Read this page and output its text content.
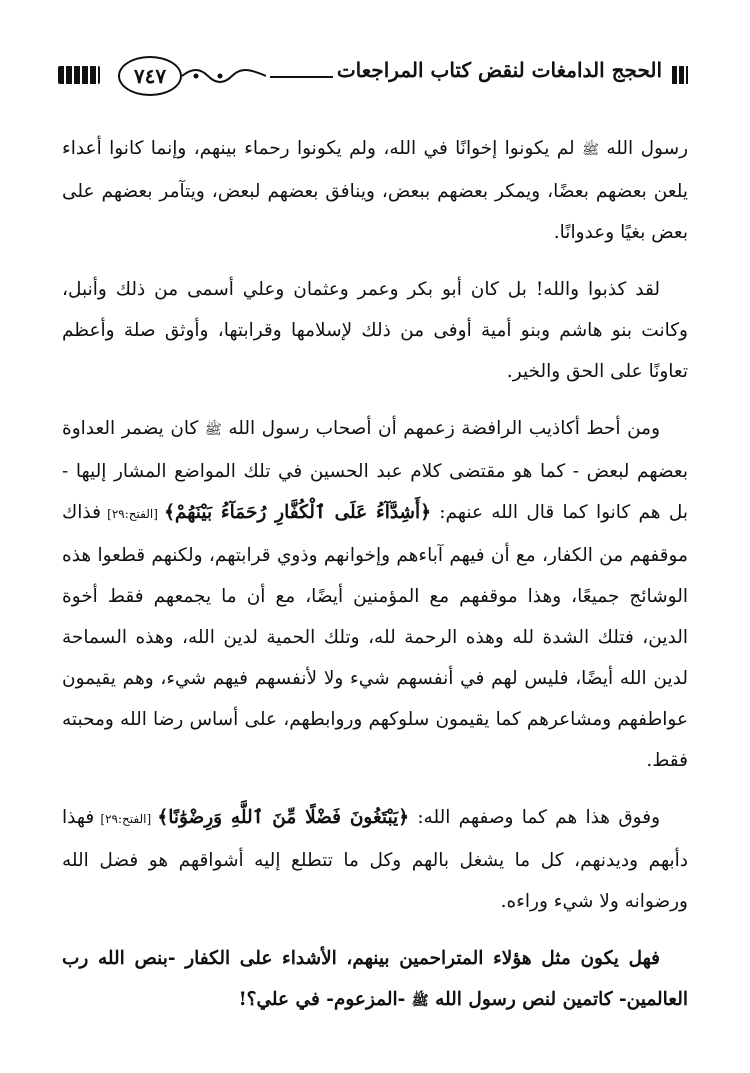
٧٤٧	الحجج الدامغات لنقض كتاب المراجعات

رسول الله ﷺ لم يكونوا إخوانًا في الله، ولم يكونوا رحماء بينهم، وإنما كانوا أعداء يلعن بعضهم بعضًا، ويمكر بعضهم ببعض، وينافق بعضهم لبعض، ويتآمر بعضهم على بعض بغيًا وعدوانًا.

لقد كذبوا والله! بل كان أبو بكر وعمر وعثمان وعلي أسمى من ذلك وأنبل، وكانت بنو هاشم وبنو أمية أوفى من ذلك لإسلامها وقرابتها، وأوثق صلة وأعظم تعاونًا على الحق والخير.

ومن أحط أكاذيب الرافضة زعمهم أن أصحاب رسول الله ﷺ كان يضمر العداوة بعضهم لبعض - كما هو مقتضى كلام عبد الحسين في تلك المواضع المشار إليها - بل هم كانوا كما قال الله عنهم: ﴿أَشِدَّآءُ عَلَى ٱلْكُفَّارِ رُحَمَآءُ بَيْنَهُمْ﴾ [الفتح:٢٩] فذاك موقفهم من الكفار، مع أن فيهم آباءهم وإخوانهم وذوي قرابتهم، ولكنهم قطعوا هذه الوشائج جميعًا، وهذا موقفهم مع المؤمنين أيضًا، مع أن ما يجمعهم فقط أخوة الدين، فتلك الشدة لله وهذه الرحمة لله، وتلك الحمية لدين الله، وهذه السماحة لدين الله أيضًا، فليس لهم في أنفسهم شيء ولا لأنفسهم فيهم شيء، وهم يقيمون عواطفهم ومشاعرهم كما يقيمون سلوكهم وروابطهم، على أساس رضا الله ومحبته فقط.

وفوق هذا هم كما وصفهم الله: ﴿يَبْتَغُونَ فَضْلًا مِّنَ ٱللَّهِ وَرِضْوَٰنًا﴾ [الفتح:٢٩] فهذا دأبهم وديدنهم، كل ما يشغل بالهم وكل ما تتطلع إليه أشواقهم هو فضل الله ورضوانه ولا شيء وراءه.

فهل يكون مثل هؤلاء المتراحمين بينهم، الأشداء على الكفار -بنص الله رب العالمين- كاتمين لنص رسول الله ﷺ -المزعوم- في علي؟!
